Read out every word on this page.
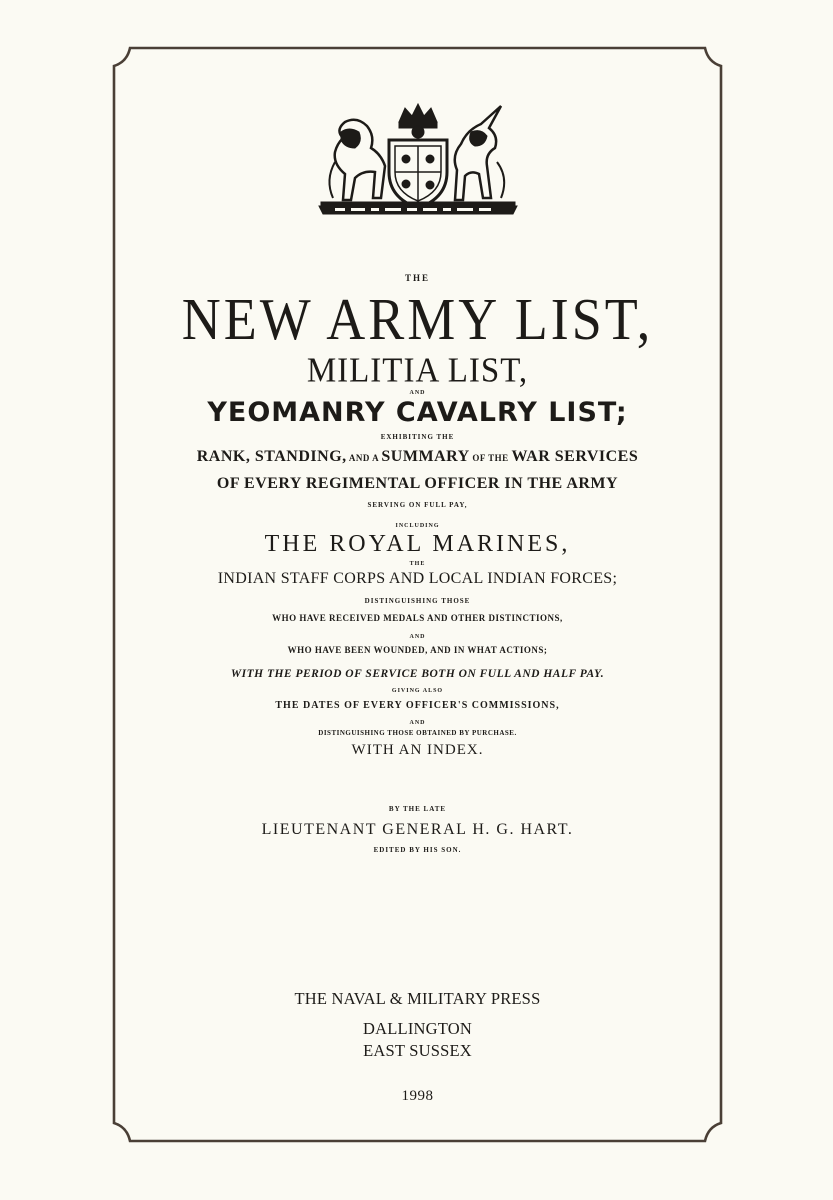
THE
NEW ARMY LIST,
MILITIA LIST,
AND
YEOMANRY CAVALRY LIST;
EXHIBITING THE
RANK, STANDING, AND A SUMMARY OF THE WAR SERVICES
OF EVERY REGIMENTAL OFFICER IN THE ARMY
SERVING ON FULL PAY,
INCLUDING
THE ROYAL MARINES,
THE
INDIAN STAFF CORPS AND LOCAL INDIAN FORCES;
DISTINGUISHING THOSE
WHO HAVE RECEIVED MEDALS AND OTHER DISTINCTIONS,
AND
WHO HAVE BEEN WOUNDED, AND IN WHAT ACTIONS;
WITH THE PERIOD OF SERVICE BOTH ON FULL AND HALF PAY.
GIVING ALSO
THE DATES OF EVERY OFFICER'S COMMISSIONS,
AND
DISTINGUISHING THOSE OBTAINED BY PURCHASE.
WITH AN INDEX.
BY THE LATE
LIEUTENANT GENERAL H. G. HART.
EDITED BY HIS SON.
THE NAVAL & MILITARY PRESS
DALLINGTON
EAST SUSSEX
1998
